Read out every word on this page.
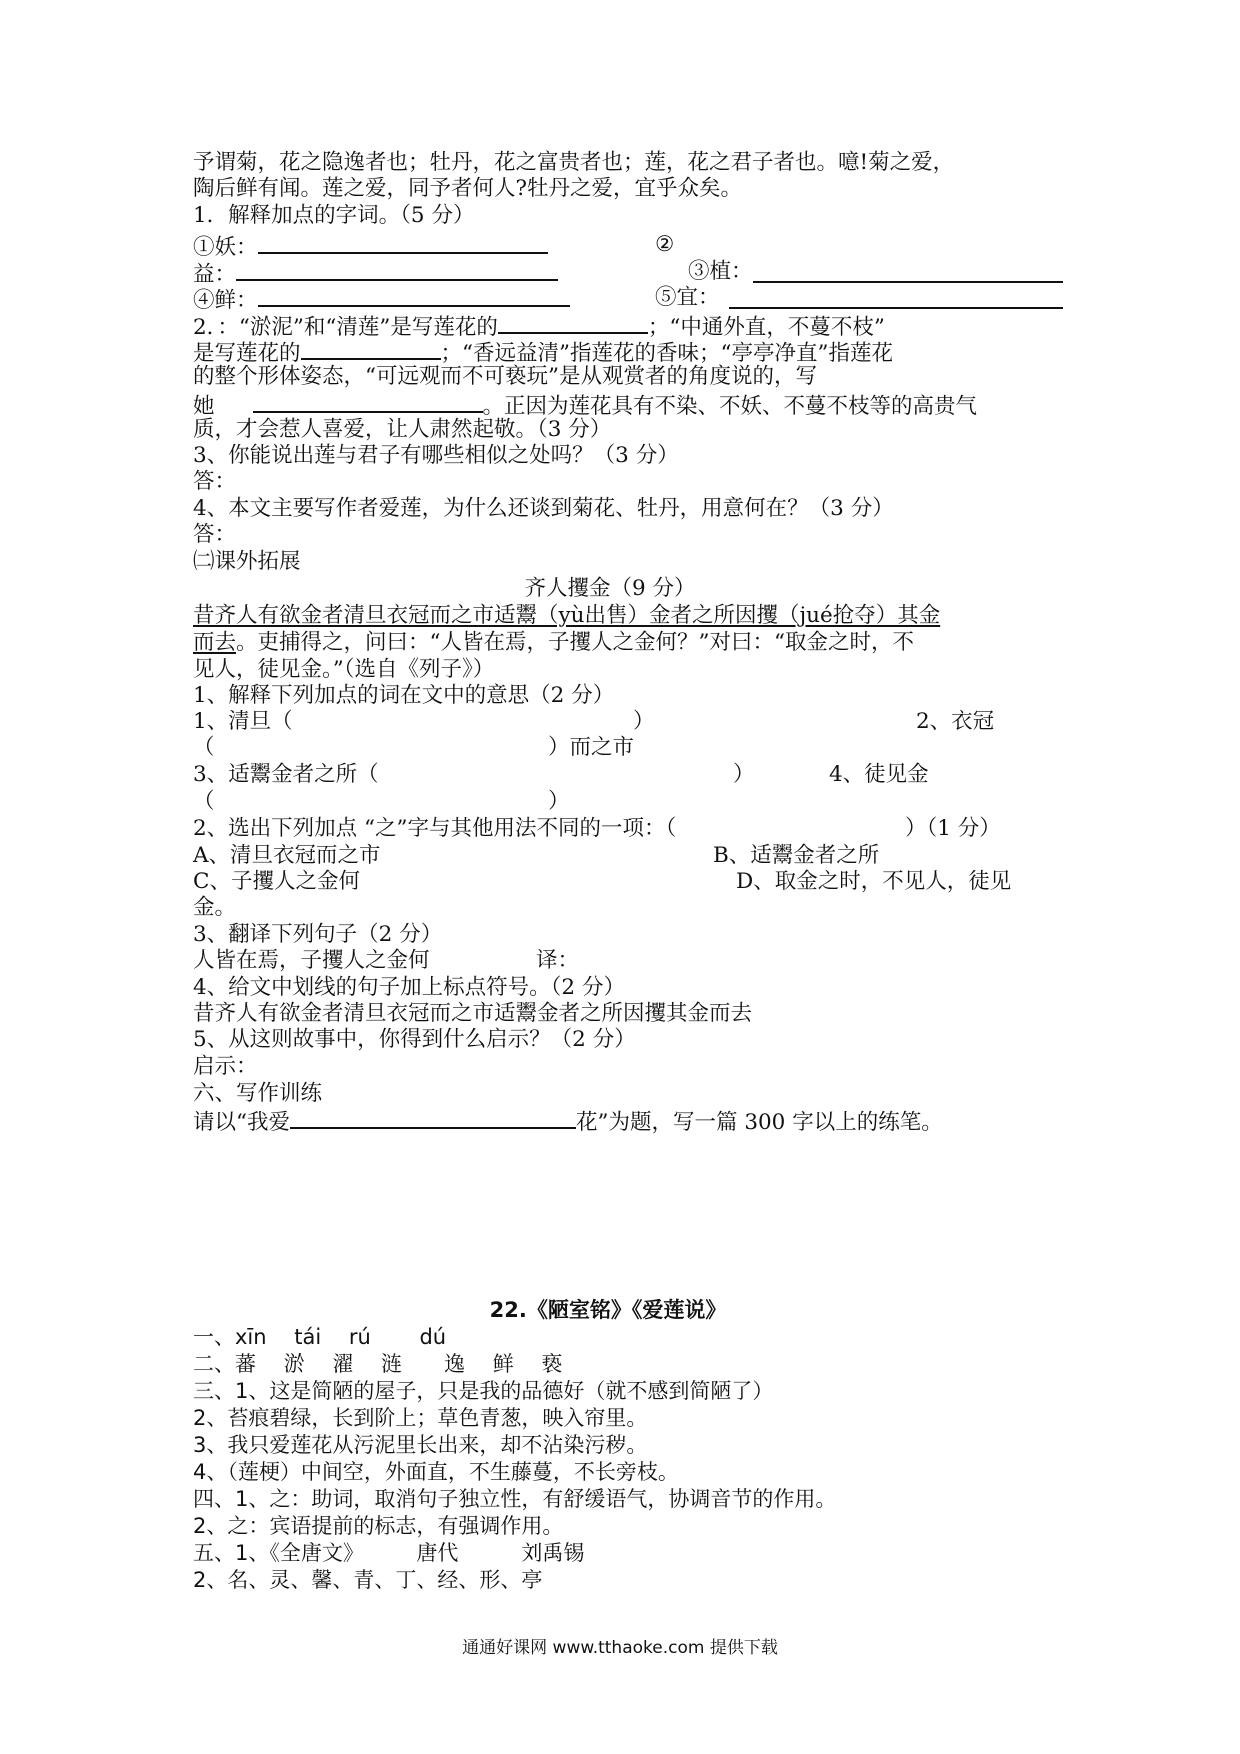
予谓菊，花之隐逸者也；牡丹，花之富贵者也；莲，花之君子者也。噫!菊之爱，
陶后鲜有闻。莲之爱，同予者何人?牡丹之爱，宜乎众矣。
1．解释加点的字词。（5 分）
①妖：	②
益：	③植：
④鲜：	⑤宜：
2．：“淤泥”和“清莲”是写莲花的	；“中通外直，不蔓不枝”
是写莲花的	；“香远益清”指莲花的香味；“亭亭净直”指莲花
的整个形体姿态，“可远观而不可亵玩”是从观赏者的角度说的，写
她	。正因为莲花具有不染、不妖、不蔓不枝等的高贵气
质，才会惹人喜爱，让人肃然起敬。（3 分）
3、你能说出莲与君子有哪些相似之处吗？（3 分）
答：
4、本文主要写作者爱莲，为什么还谈到菊花、牡丹，用意何在？（3 分）
答：
㈡课外拓展
齐人攫金（9 分）
昔齐人有欲金者清旦衣冠而之市适鬻（yù出售）金者之所因攫（jué抢夺）其金
而去。吏捕得之，问曰：“人皆在焉，子攫人之金何？”对曰：“取金之时，不
见人，徒见金。”（选自《列子》）
1、解释下列加点的词在文中的意思（2 分）
1、清旦（	）	2、衣冠
（	）而之市
3、适鬻金者之所（	）	4、徒见金
（	）
2、选出下列加点 “之”字与其他用法不同的一项：（	）（1 分）
A、清旦衣冠而之市	B、适鬻金者之所
C、子攫人之金何	D、取金之时，不见人，徒见
金。
3、翻译下列句子（2 分）
人皆在焉，子攫人之金何	译：
4、给文中划线的句子加上标点符号。（2 分）
昔齐人有欲金者清旦衣冠而之市适鬻金者之所因攫其金而去
5、从这则故事中，你得到什么启示？（2 分）
启示：
六、写作训练
请以“我爱	花”为题，写一篇 300 字以上的练笔。
22.《陋室铭》《爱莲说》
一、xīn　 tái　 rú　　 dú
二、蕃　 淤　 濯　 涟　　逸　 鲜　 亵
三、1、这是简陋的屋子，只是我的品德好（就不感到简陋了）
2、苔痕碧绿，长到阶上；草色青葱，映入帘里。
3、我只爱莲花从污泥里长出来，却不沾染污秽。
4、（莲梗）中间空，外面直，不生藤蔓，不长旁枝。
四、1、之：助词，取消句子独立性，有舒缓语气，协调音节的作用。
2、之：宾语提前的标志，有强调作用。
五、1、《全唐文》　　　唐代　　　刘禹锡
2、名、灵、馨、青、丁、经、形、亭
通通好课网 www.tthaoke.com 提供下载
